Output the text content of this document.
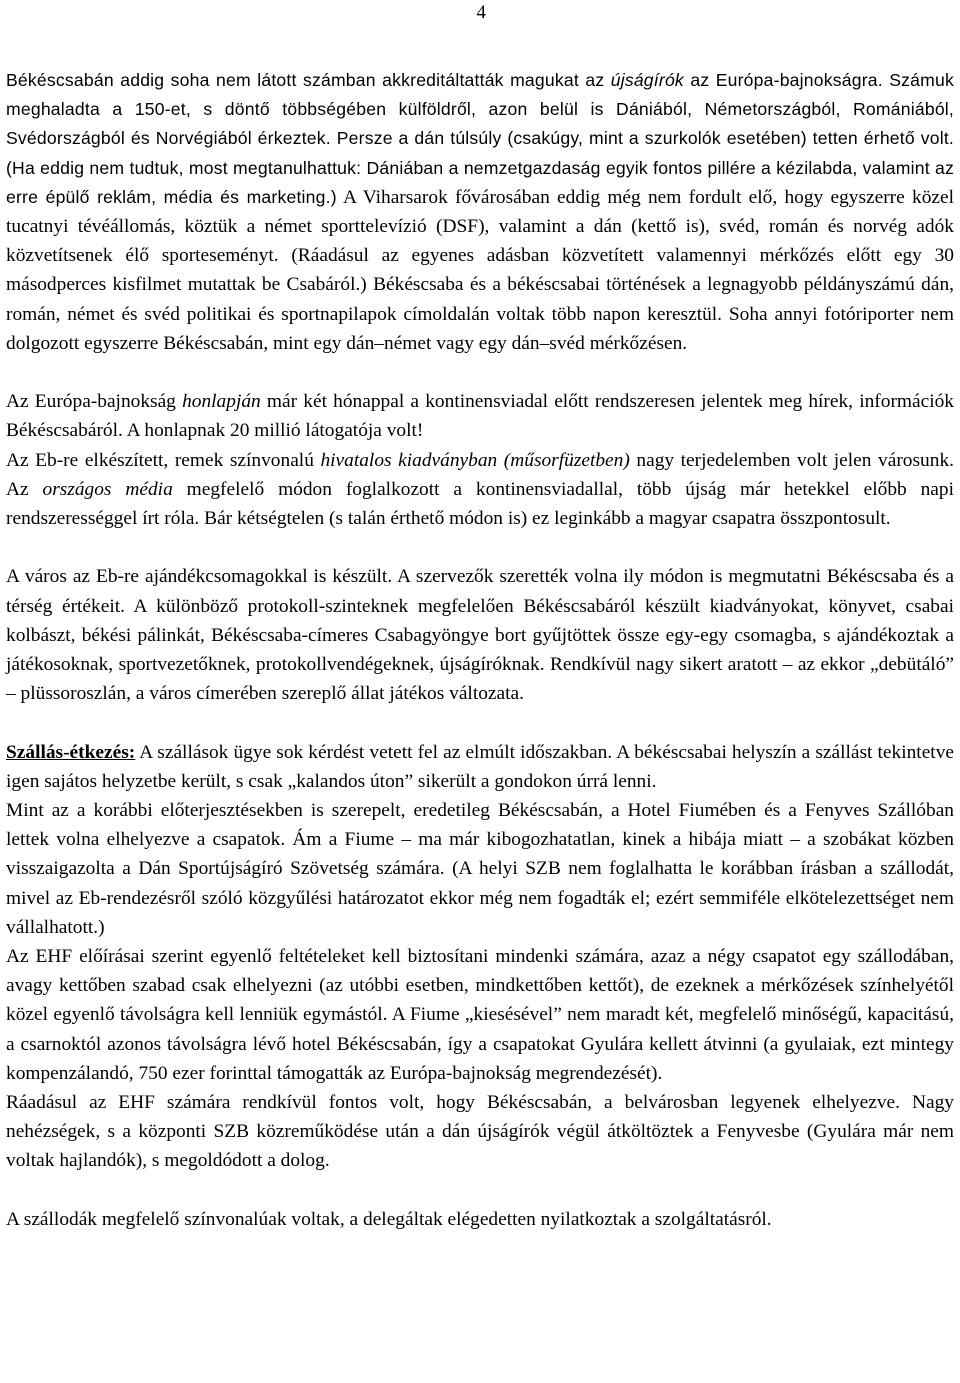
4

Békéscsabán addig soha nem látott számban akkreditáltatták magukat az újságírók az Európa-bajnokságra. Számuk meghaladta a 150-et, s döntő többségében külföldről, azon belül is Dániából, Németországból, Romániából, Svédországból és Norvégiából érkeztek. Persze a dán túlsúly (csakúgy, mint a szurkolók esetében) tetten érhető volt. (Ha eddig nem tudtuk, most megtanulhattuk: Dániában a nemzetgazdaság egyik fontos pillére a kézilabda, valamint az erre épülő reklám, média és marketing.) A Viharsarok fővárosában eddig még nem fordult elő, hogy egyszerre közel tucatnyi tévéállomás, köztük a német sporttelevízió (DSF), valamint a dán (kettő is), svéd, román és norvég adók közvetítsenek élő sporteseményt. (Ráadásul az egyenes adásban közvetített valamennyi mérkőzés előtt egy 30 másodperces kisfilmet mutattak be Csabáról.) Békéscsaba és a békéscsabai történések a legnagyobb példányszámú dán, román, német és svéd politikai és sportnapilapok címoldalán voltak több napon keresztül. Soha annyi fotóriporter nem dolgozott egyszerre Békéscsabán, mint egy dán–német vagy egy dán–svéd mérkőzésen.

Az Európa-bajnokság honlapján már két hónappal a kontinensviadal előtt rendszeresen jelentek meg hírek, információk Békéscsabáról. A honlapnak 20 millió látogatója volt!

Az Eb-re elkészített, remek színvonalú hivatalos kiadványban (műsorfüzetben) nagy terjedelemben volt jelen városunk. Az országos média megfelelő módon foglalkozott a kontinensviadallal, több újság már hetekkel előbb napi rendszerességgel írt róla. Bár kétségtelen (s talán érthető módon is) ez leginkább a magyar csapatra összpontosult.

A város az Eb-re ajándékcsomagokkal is készült. A szervezők szerették volna ily módon is megmutatni Békéscsaba és a térség értékeit. A különböző protokoll-szinteknek megfelelően Békéscsabáról készült kiadványokat, könyvet, csabai kolbászt, békési pálinkát, Békéscsaba-címeres Csabagyöngye bort gyűjtöttek össze egy-egy csomagba, s ajándékoztak a játékosoknak, sportvezetőknek, protokollvendégeknek, újságíróknak. Rendkívül nagy sikert aratott – az ekkor „debütáló” – plüssoroszlán, a város címerében szereplő állat játékos változata.

Szállás-étkezés: A szállások ügye sok kérdést vetett fel az elmúlt időszakban. A békéscsabai helyszín a szállást tekintetve igen sajátos helyzetbe került, s csak „kalandos úton” sikerült a gondokon úrrá lenni.

Mint az a korábbi előterjesztésekben is szerepelt, eredetileg Békéscsabán, a Hotel Fiumében és a Fenyves Szállóban lettek volna elhelyezve a csapatok. Ám a Fiume – ma már kibogozhatatlan, kinek a hibája miatt – a szobákat közben visszaigazolta a Dán Sportújságíró Szövetség számára. (A helyi SZB nem foglalhatta le korábban írásban a szállodát, mivel az Eb-rendezésről szóló közgyűlési határozatot ekkor még nem fogadták el; ezért semmiféle elkötelezettséget nem vállalhatott.)

Az EHF előírásai szerint egyenlő feltételeket kell biztosítani mindenki számára, azaz a négy csapatot egy szállodában, avagy kettőben szabad csak elhelyezni (az utóbbi esetben, mindkettőben kettőt), de ezeknek a mérkőzések színhelyétől közel egyenlő távolságra kell lenniük egymástól. A Fiume „kiesésével” nem maradt két, megfelelő minőségű, kapacitású, a csarnoktól azonos távolságra lévő hotel Békéscsabán, így a csapatokat Gyulára kellett átvinni (a gyulaiak, ezt mintegy kompenzálandó, 750 ezer forinttal támogatták az Európa-bajnokság megrendezését).

Ráadásul az EHF számára rendkívül fontos volt, hogy Békéscsabán, a belvárosban legyenek elhelyezve. Nagy nehézségek, s a központi SZB közreműködése után a dán újságírók végül átköltöztek a Fenyvesbe (Gyulára már nem voltak hajlandók), s megoldódott a dolog.

A szállodák megfelelő színvonalúak voltak, a delegáltak elégedetten nyilatkoztak a szolgáltatásról.
